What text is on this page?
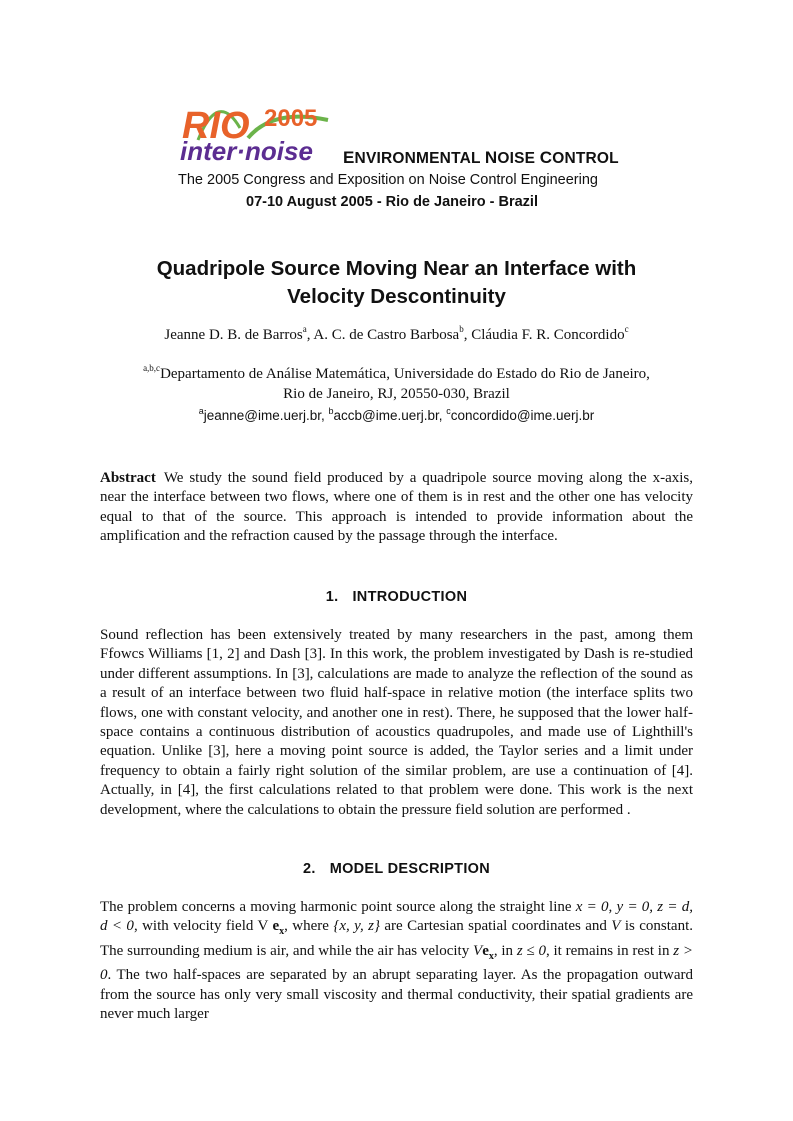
RIO 2005
inter·noise ENVIRONMENTAL NOISE CONTROL
The 2005 Congress and Exposition on Noise Control Engineering
07-10 August 2005 - Rio de Janeiro - Brazil
Quadripole Source Moving Near an Interface with
Velocity Descontinuity
Jeanne D. B. de Barros$^a$, A. C. de Castro Barbosa$^b$, Cláudia F. R. Concordido$^c$
$^{a,b,c}$Departamento de Análise Matemática, Universidade do Estado do Rio de Janeiro,
Rio de Janeiro, RJ, 20550-030, Brazil
$^a$jeanne@ime.uerj.br, $^b$accb@ime.uerj.br, $^c$concordido@ime.uerj.br
Abstract We study the sound field produced by a quadripole source moving along the x-axis, near the interface between two flows, where one of them is in rest and the other one has velocity equal to that of the source. This approach is intended to provide information about the amplification and the refraction caused by the passage through the interface.
1. INTRODUCTION
Sound reflection has been extensively treated by many researchers in the past, among them Ffowcs Williams [1, 2] and Dash [3]. In this work, the problem investigated by Dash is re-studied under different assumptions. In [3], calculations are made to analyze the reflection of the sound as a result of an interface between two fluid half-space in relative motion (the interface splits two flows, one with constant velocity, and another one in rest). There, he supposed that the lower half-space contains a continuous distribution of acoustics quadrupoles, and made use of Lighthill's equation. Unlike [3], here a moving point source is added, the Taylor series and a limit under frequency to obtain a fairly right solution of the similar problem, are use a continuation of [4]. Actually, in [4], the first calculations related to that problem were done. This work is the next development, where the calculations to obtain the pressure field solution are performed .
2. MODEL DESCRIPTION
The problem concerns a moving harmonic point source along the straight line x = 0, y = 0, z = d, d < 0, with velocity field V $e_x$, where {x, y, z} are Cartesian spatial coordinates and V is constant. The surrounding medium is air, and while the air has velocity $Ve_x$, in z ≤ 0, it remains in rest in z > 0. The two half-spaces are separated by an abrupt separating layer. As the propagation outward from the source has only very small viscosity and thermal conductivity, their spatial gradients are never much larger
